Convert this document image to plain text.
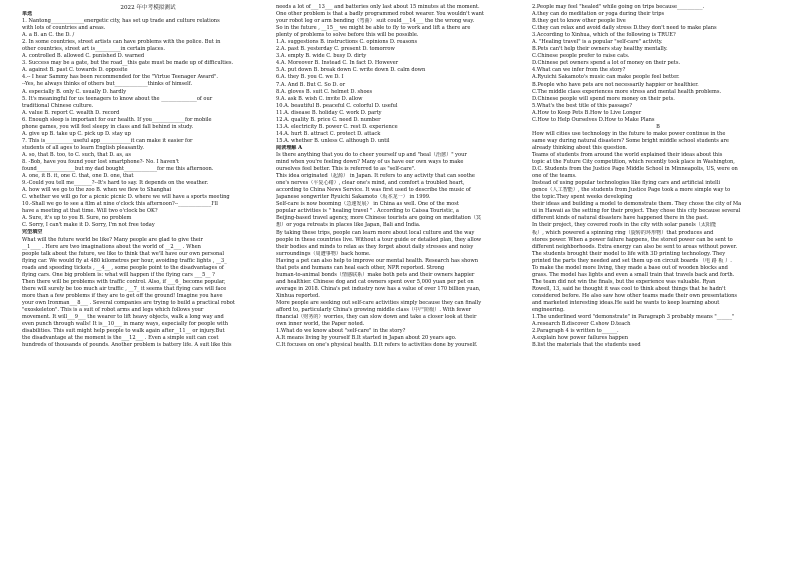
2022 年中考模拟测试
单选
1. Nantong_____________energetic city, has set up trade and culture relations
with lots of countries and areas.
A. a B. an C. the D. /
2. In some countries, street artists can have problems with the police. But in
other countries, street art is__________in certain places.
A. controlled B. allowed C. punished D. warned
3. Success may be a gate, but the road__this gate must be made up of difficulties.
A. against B. past C. towards D. opposite
4.-- I hear Sammy has been recommended for the "Virtue Teenager Award".
--Yes, he always thinks of others but_____________thinks of himself.
A. especially B. only C. usually D. hardly
5. It's meaningful for us teenagers to know about the ______________of our
traditional Chinese culture.
A. value B. report C. wealth D. record
6. Enough sleep is important for our health. If you_____________for mobile
phone games, you will feel sleepy in class and fall behind in study.
A. give up B. take up C. pick up D. stay up
7. This is___________useful app____________it can make it easier for
students of all ages to learn English pleasantly.
A. so, that B. too, to C. such, that D. as, as
8. -Bob, have you found your lost smartphone?- No. I haven't
found_______________but my dad bought_____________for me this afternoon.
A. one, it B. it, one C. that, one D. one, that
9.-Could you tell me_______?--It's hard to say. It depends on the weather.
A. how will we go to the zoo B. when we flew to Shanghai
C. whether we will go for a picnic picnic D. where we will have a sports meeting
10.-Shall we go to see a film at nine o'clock this afternoon?--_____________I'll
have a meeting at that time. Will two o'clock be OK?
A. Sure, it's up to you B. Sure, no problem
C. Sorry, I can't make it D. Sorry, I'm not free today
完型填空
What will the future world be like? Many people are glad to give their
__1____ . Here are two imaginations about the world of __2___ . When
people talk about the future, we like to think that we'll have our own personal
flying car. We would fly at 480 kilometres per hour, avoiding traffic lights , __3_
roads and speeding tickets , __4__ , some people point to the disadvantages of
flying cars. One big problem is: what will happen if the flying cars ___5__ ?
Then there will be problems with traffic control. Also, if ___6_ become popular,
there will surely be too much air traffic , __7_ it seems that flying cars will face
more than a few problems if they are to get off the ground! Imagine you have
your own Ironman___8___ . Several companies are trying to build a practical robot
"exoskeleton". This is a suit of robot arms and legs which follows your
movement. It will___9___ the wearer to lift heavy objects, walk a long way and
even punch through walls! It is__10___ in many ways, especially for people with
disabilities. This suit might help people to walk again after__11__ or injury.But
the disadvantage at the moment is the___12___ . Even a simple suit can cost
hundreds of thousands of pounds. Another problem is battery life. A suit like this
needs a lot of___13___ and batteries only last about 15 minutes at the moment.
One other problem is that a badly programmed robot wearer. You wouldn't want
your robot leg or arm bending（弯曲） suit could___14___ the the wrong way.
So in the future , __15__ we might be able to fly to work and lift a there are
plenty of problems to solve before this will be possible.
1.A. suggestions B. instructions C. opinions D. reasons
2.A. past B. yesterday C. present D. tomorrow
3.A. empty B. wide C. busy D. dirty
4.A. Moreover B. Instead C. In fact D. However
5.A. put down B. break down C. write down D. calm down
6.A. they B. you C. we D. I
7.A. And B. But C. So D. or
8.A. gloves B. suit C. helmet D. shoes
9.A. ask B. wish C. invite D. allow
10.A. beautiful B. peaceful C. colorful D. useful
11.A. disease B. holiday C. work D. party
12.A. quality B. price C. need D. number
13.A. electricity B. power C. rest D. experience
14.A. hurt B. attract C. protect D. attack
15.A. whether B. unless C. although D. until
阅读理解 A
Is there anything that you do to cheer yourself up and "heal（治愈）" your
mind when you're feeling down? Many of us have our own ways to make
ourselves feel better. This is referred to as "self-care".
This idea originated（起源） in Japan. It refers to any activity that can soothe
one's nerves（平复心绪）, clear one's mind, and comfort a troubled heart,
according to China News Service. It was first used to describe the music of
Japanese songwriter Ryuichi Sakamoto（坂本龙一） in 1999.
Self-care is now booming（急速发展） in China as well. One of the most
popular activities is " healing travel " . According to Caissa Touristic, a
Beijing-based travel agency, more Chinese tourists are going on meditation（冥
想）or yoga retreats in places like Japan, Bali and India.
By taking these trips, people can learn more about local culture and the way
people in these countries live. Without a tour guide or detailed plan, they allow
their bodies and minds to relax as they forget about daily stresses and noisy
surroundings（周遭事物）back home.
Having a pet can also help to improve our mental health. Research has shown
that pets and humans can heal each other, NPR reported. Strong
human-to-animal bonds（情感联系）make both pets and their owners happier
and healthier. Chinese dog and cat owners spent over 5,000 yuan per pet on
average in 2018. China's pet industry now has a value of over 170 billion yuan,
Xinhua reported.
More people are seeking out self-care activities simply because they can finally
afford to, particularly China's growing middle class（中产阶级）. With fewer
financial（财务的）worries, they can slow down and take a closer look at their
own inner world, the Paper noted.
1.What do we know about "self-care" in the story?
A.It means living by yourself B.It started in Japan about 20 years ago.
C.It focuses on one's physical health. D.It refers to activities done by yourself.
2.People may feel "healed" while going on trips because__________.
A.they can do meditation or yoga during their trips
B.they get to know other people live
C.they can relax and avoid daily stress D.they don't need to make plans
3.According to Xinhua, which of the following is TRUE?
A. "Healing travel" is a popular "self-care" activity.
B.Pets can't help their owners stay healthy mentally.
C.Chinese people prefer to raise cats.
D.Chinese pet owners spend a lot of money on their pets.
4.What can we infer from the story?
A.Ryuichi Sakamoto's music can make people feel better.
B.People who have pets are not necessarily happier or healthier.
C.The middle class experiences more stress and mental health problems.
D.Chinese people will spend more money on their pets.
5.What's the best title of this passage?
A.How to Keep Pets B.How to Live Longer
C.How to Help Ourselves D.How to Make Plans
B
How will cities use technology in the future to make power continue in the
same way during natural disasters? Some bright middle school students are
already thinking about this question.
Teams of students from around the world explained their ideas about this
topic at the Future City competition, which recently took place in Washington,
D.C. Students from the Justice Page Middle School in Minneapolis, US, were on
one of the teams.
Instead of using popular technologies like flying cars and artificial intelli
gence（人工智能）, the students from Justice Page took a more simple way to
the topic.They spent weeks developing
their ideas and building a model to demonstrate them. They chose the city of Ma
ui in Hawaii as the setting for their project. They chose this city because several
different kinds of natural disasters have happened there in the past.
In their project, they covered roofs in the city with solar panels（太阳能
板）, which powered a spinning ring（旋转的环形物）that produces and
stores power. When a power failure happens, the stored power can be sent to
different neighborhoods. Extra energy can also be sent to areas without power.
The students brought their model to life with 3D printing technology. They
printed the parts they needed and set them up on circuit boards （电 路 板 ）.
To make the model more living, they made a base out of wooden blocks and
grass. The model has lights and even a small train that travels back and forth.
The team did not win the finals, but the experience was valuable. Ryan
Rowell, 13, said he thought it was cool to think about things that he hadn't
considered before. He also saw how other teams made their own presentations
and marketed interesting ideas.He said he wants to keep learning about
engineering.
1.The underlined word "demonstrate" in Paragraph 3 probably means "______"
A.research B.discover C.show D.teach
2.Paragraph 4 is written to______.
A.explain how power failures happen
B.list the materials that the students used
